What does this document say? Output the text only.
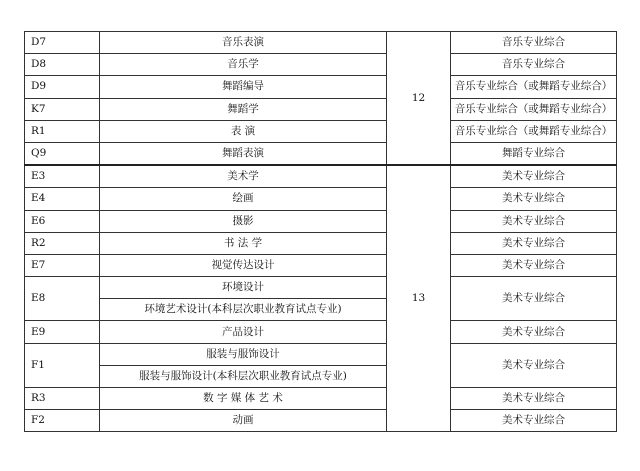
D7	音乐表演	12	音乐专业综合
D8	音乐学		音乐专业综合
D9	舞蹈编导		音乐专业综合（或舞蹈专业综合）
K7	舞蹈学		音乐专业综合（或舞蹈专业综合）
R1	表 演		音乐专业综合（或舞蹈专业综合）
Q9	舞蹈表演		舞蹈专业综合
E3	美术学	13	美术专业综合
E4	绘画		美术专业综合
E6	摄影		美术专业综合
R2	书 法 学		美术专业综合
E7	视觉传达设计		美术专业综合
E8	环境设计		美术专业综合
	环境艺术设计(本科层次职业教育试点专业)		
E9	产品设计		美术专业综合
F1	服装与服饰设计		美术专业综合
	服装与服饰设计(本科层次职业教育试点专业)		
R3	数 字 媒 体 艺 术		美术专业综合
F2	动画		美术专业综合
